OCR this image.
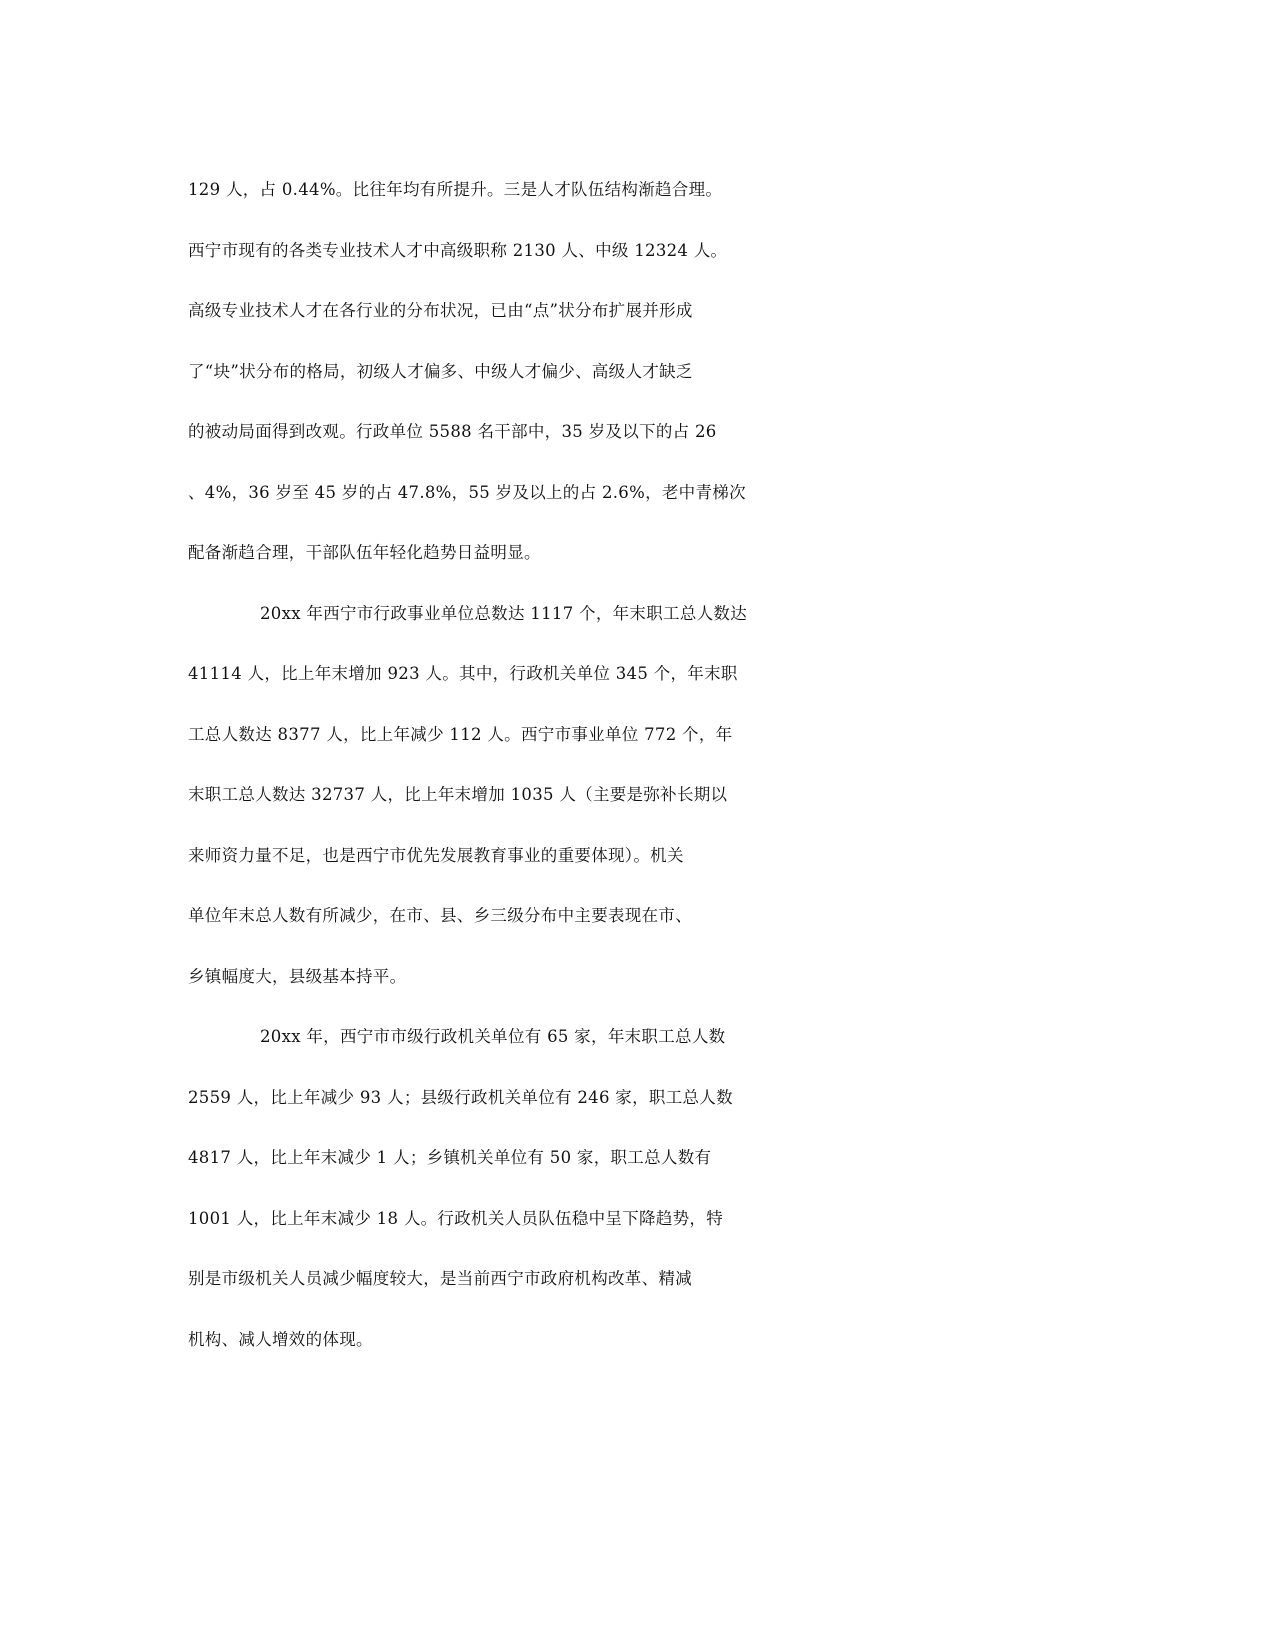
129 人，占 0.44%。比往年均有所提升。三是人才队伍结构渐趋合理。
西宁市现有的各类专业技术人才中高级职称 2130 人、中级 12324 人。
高级专业技术人才在各行业的分布状况，已由“点”状分布扩展并形成
了“块”状分布的格局，初级人才偏多、中级人才偏少、高级人才缺乏
的被动局面得到改观。行政单位 5588 名干部中，35 岁及以下的占 26
、4%，36 岁至 45 岁的占 47.8%，55 岁及以上的占 2.6%，老中青梯次
配备渐趋合理，干部队伍年轻化趋势日益明显。
20xx 年西宁市行政事业单位总数达 1117 个，年末职工总人数达
41114 人，比上年末增加 923 人。其中，行政机关单位 345 个，年末职
工总人数达 8377 人，比上年减少 112 人。西宁市事业单位 772 个，年
末职工总人数达 32737 人，比上年末增加 1035 人（主要是弥补长期以
来师资力量不足，也是西宁市优先发展教育事业的重要体现）。机关
单位年末总人数有所减少，在市、县、乡三级分布中主要表现在市、
乡镇幅度大，县级基本持平。
20xx 年，西宁市市级行政机关单位有 65 家，年末职工总人数
2559 人，比上年减少 93 人；县级行政机关单位有 246 家，职工总人数
4817 人，比上年末减少 1 人；乡镇机关单位有 50 家，职工总人数有
1001 人，比上年末减少 18 人。行政机关人员队伍稳中呈下降趋势，特
别是市级机关人员减少幅度较大，是当前西宁市政府机构改革、精减
机构、减人增效的体现。
